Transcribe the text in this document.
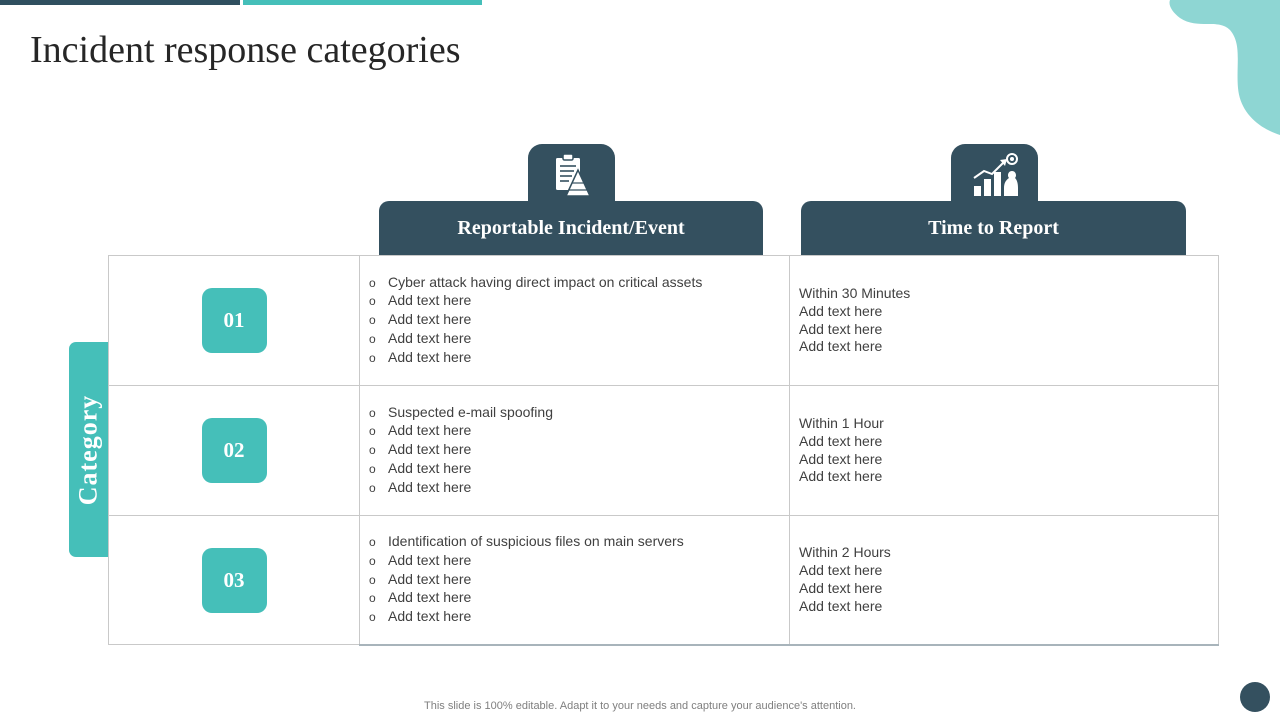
Incident response categories
Reportable Incident/Event	Time to Report
Category
01
o Cyber attack having direct impact on critical assets
o Add text here
o Add text here
o Add text here
o Add text here
Within 30 Minutes
Add text here
Add text here
Add text here
02
o Suspected e-mail spoofing
o Add text here
o Add text here
o Add text here
o Add text here
Within 1 Hour
Add text here
Add text here
Add text here
03
o Identification of suspicious files on main servers
o Add text here
o Add text here
o Add text here
o Add text here
Within 2 Hours
Add text here
Add text here
Add text here
This slide is 100% editable. Adapt it to your needs and capture your audience's attention.
